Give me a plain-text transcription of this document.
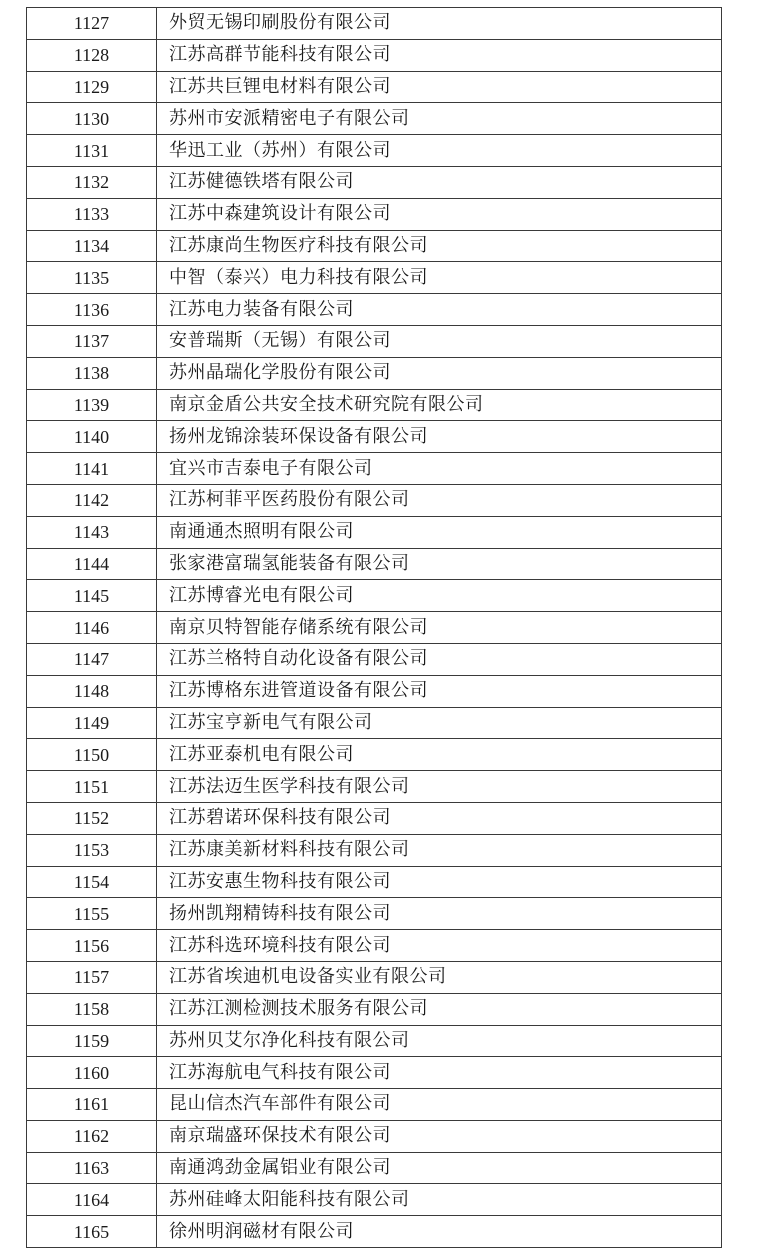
1127	外贸无锡印刷股份有限公司
1128	江苏高群节能科技有限公司
1129	江苏共巨锂电材料有限公司
1130	苏州市安派精密电子有限公司
1131	华迅工业（苏州）有限公司
1132	江苏健德铁塔有限公司
1133	江苏中森建筑设计有限公司
1134	江苏康尚生物医疗科技有限公司
1135	中智（泰兴）电力科技有限公司
1136	江苏电力装备有限公司
1137	安普瑞斯（无锡）有限公司
1138	苏州晶瑞化学股份有限公司
1139	南京金盾公共安全技术研究院有限公司
1140	扬州龙锦涂装环保设备有限公司
1141	宜兴市吉泰电子有限公司
1142	江苏柯菲平医药股份有限公司
1143	南通通杰照明有限公司
1144	张家港富瑞氢能装备有限公司
1145	江苏博睿光电有限公司
1146	南京贝特智能存储系统有限公司
1147	江苏兰格特自动化设备有限公司
1148	江苏博格东进管道设备有限公司
1149	江苏宝亨新电气有限公司
1150	江苏亚泰机电有限公司
1151	江苏法迈生医学科技有限公司
1152	江苏碧诺环保科技有限公司
1153	江苏康美新材料科技有限公司
1154	江苏安惠生物科技有限公司
1155	扬州凯翔精铸科技有限公司
1156	江苏科选环境科技有限公司
1157	江苏省埃迪机电设备实业有限公司
1158	江苏江测检测技术服务有限公司
1159	苏州贝艾尔净化科技有限公司
1160	江苏海航电气科技有限公司
1161	昆山信杰汽车部件有限公司
1162	南京瑞盛环保技术有限公司
1163	南通鸿劲金属铝业有限公司
1164	苏州硅峰太阳能科技有限公司
1165	徐州明润磁材有限公司
